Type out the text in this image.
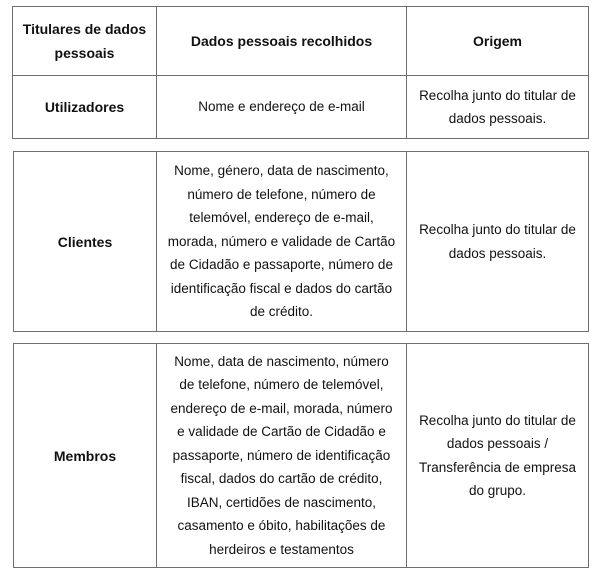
Titulares de dados pessoais	Dados pessoais recolhidos	Origem
Utilizadores	Nome e endereço de e-mail	Recolha junto do titular de dados pessoais.
Clientes	Nome, género, data de nascimento, número de telefone, número de telemóvel, endereço de e-mail, morada, número e validade de Cartão de Cidadão e passaporte, número de identificação fiscal e dados do cartão de crédito.	Recolha junto do titular de dados pessoais.
Membros	Nome, data de nascimento, número de telefone, número de telemóvel, endereço de e-mail, morada, número e validade de Cartão de Cidadão e passaporte, número de identificação fiscal, dados do cartão de crédito, IBAN, certidões de nascimento, casamento e óbito, habilitações de herdeiros e testamentos	Recolha junto do titular de dados pessoais / Transferência de empresa do grupo.
